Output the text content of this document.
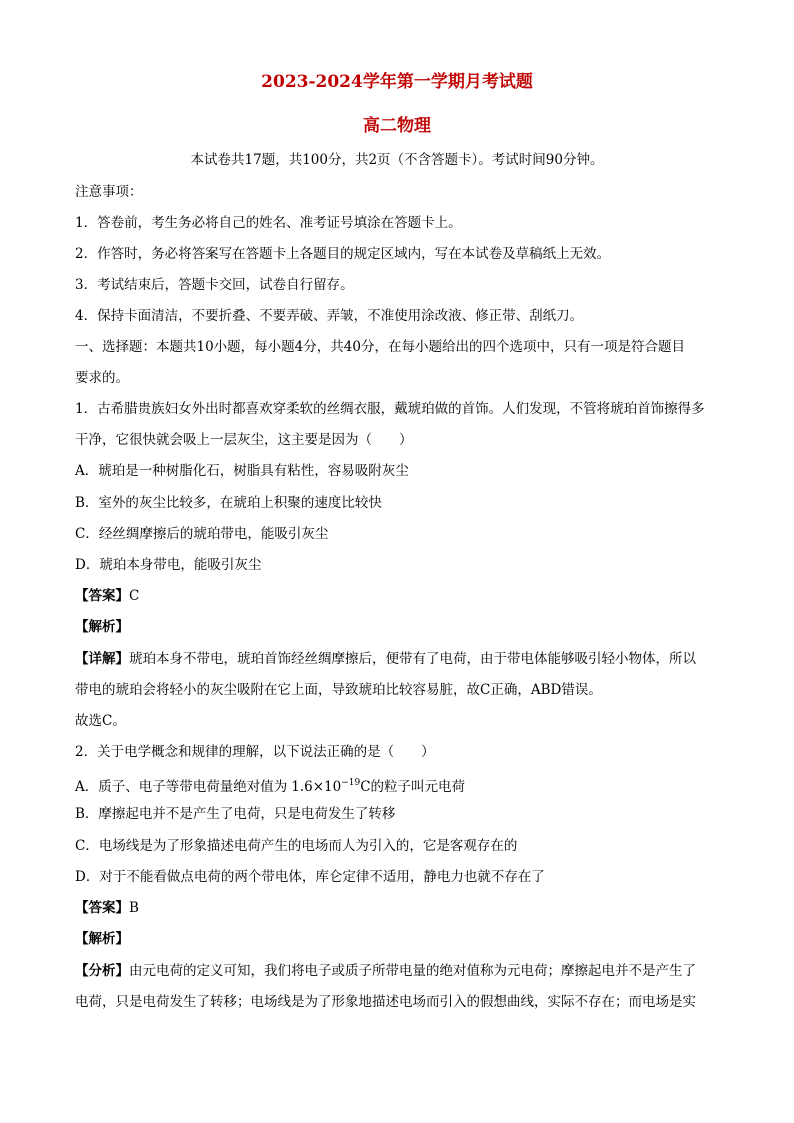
2023-2024学年第一学期月考试题
高二物理
本试卷共17题，共100分，共2页（不含答题卡）。考试时间90分钟。
注意事项：
1．答卷前，考生务必将自己的姓名、准考证号填涂在答题卡上。
2．作答时，务必将答案写在答题卡上各题目的规定区域内，写在本试卷及草稿纸上无效。
3．考试结束后，答题卡交回，试卷自行留存。
4．保持卡面清洁，不要折叠、不要弄破、弄皱，不准使用涂改液、修正带、刮纸刀。
一、选择题：本题共10小题，每小题4分，共40分，在每小题给出的四个选项中，只有一项是符合题目
要求的。
1．古希腊贵族妇女外出时都喜欢穿柔软的丝绸衣服，戴琥珀做的首饰。人们发现，不管将琥珀首饰擦得多
干净，它很快就会吸上一层灰尘，这主要是因为（　　）
A．琥珀是一种树脂化石，树脂具有粘性，容易吸附灰尘
B．室外的灰尘比较多，在琥珀上积聚的速度比较快
C．经丝绸摩擦后的琥珀带电，能吸引灰尘
D．琥珀本身带电，能吸引灰尘
【答案】C
【解析】
【详解】琥珀本身不带电，琥珀首饰经丝绸摩擦后，便带有了电荷，由于带电体能够吸引轻小物体，所以
带电的琥珀会将轻小的灰尘吸附在它上面，导致琥珀比较容易脏，故C正确，ABD错误。
故选C。
2．关于电学概念和规律的理解，以下说法正确的是（　　）
A．质子、电子等带电荷量绝对值为 $1.6\times 10^{-19}C$的粒子叫元电荷
B．摩擦起电并不是产生了电荷，只是电荷发生了转移
C．电场线是为了形象描述电荷产生的电场而人为引入的，它是客观存在的
D．对于不能看做点电荷的两个带电体，库仑定律不适用，静电力也就不存在了
【答案】B
【解析】
【分析】由元电荷的定义可知，我们将电子或质子所带电量的绝对值称为元电荷；摩擦起电并不是产生了
电荷，只是电荷发生了转移；电场线是为了形象地描述电场而引入的假想曲线，实际不存在；而电场是实
